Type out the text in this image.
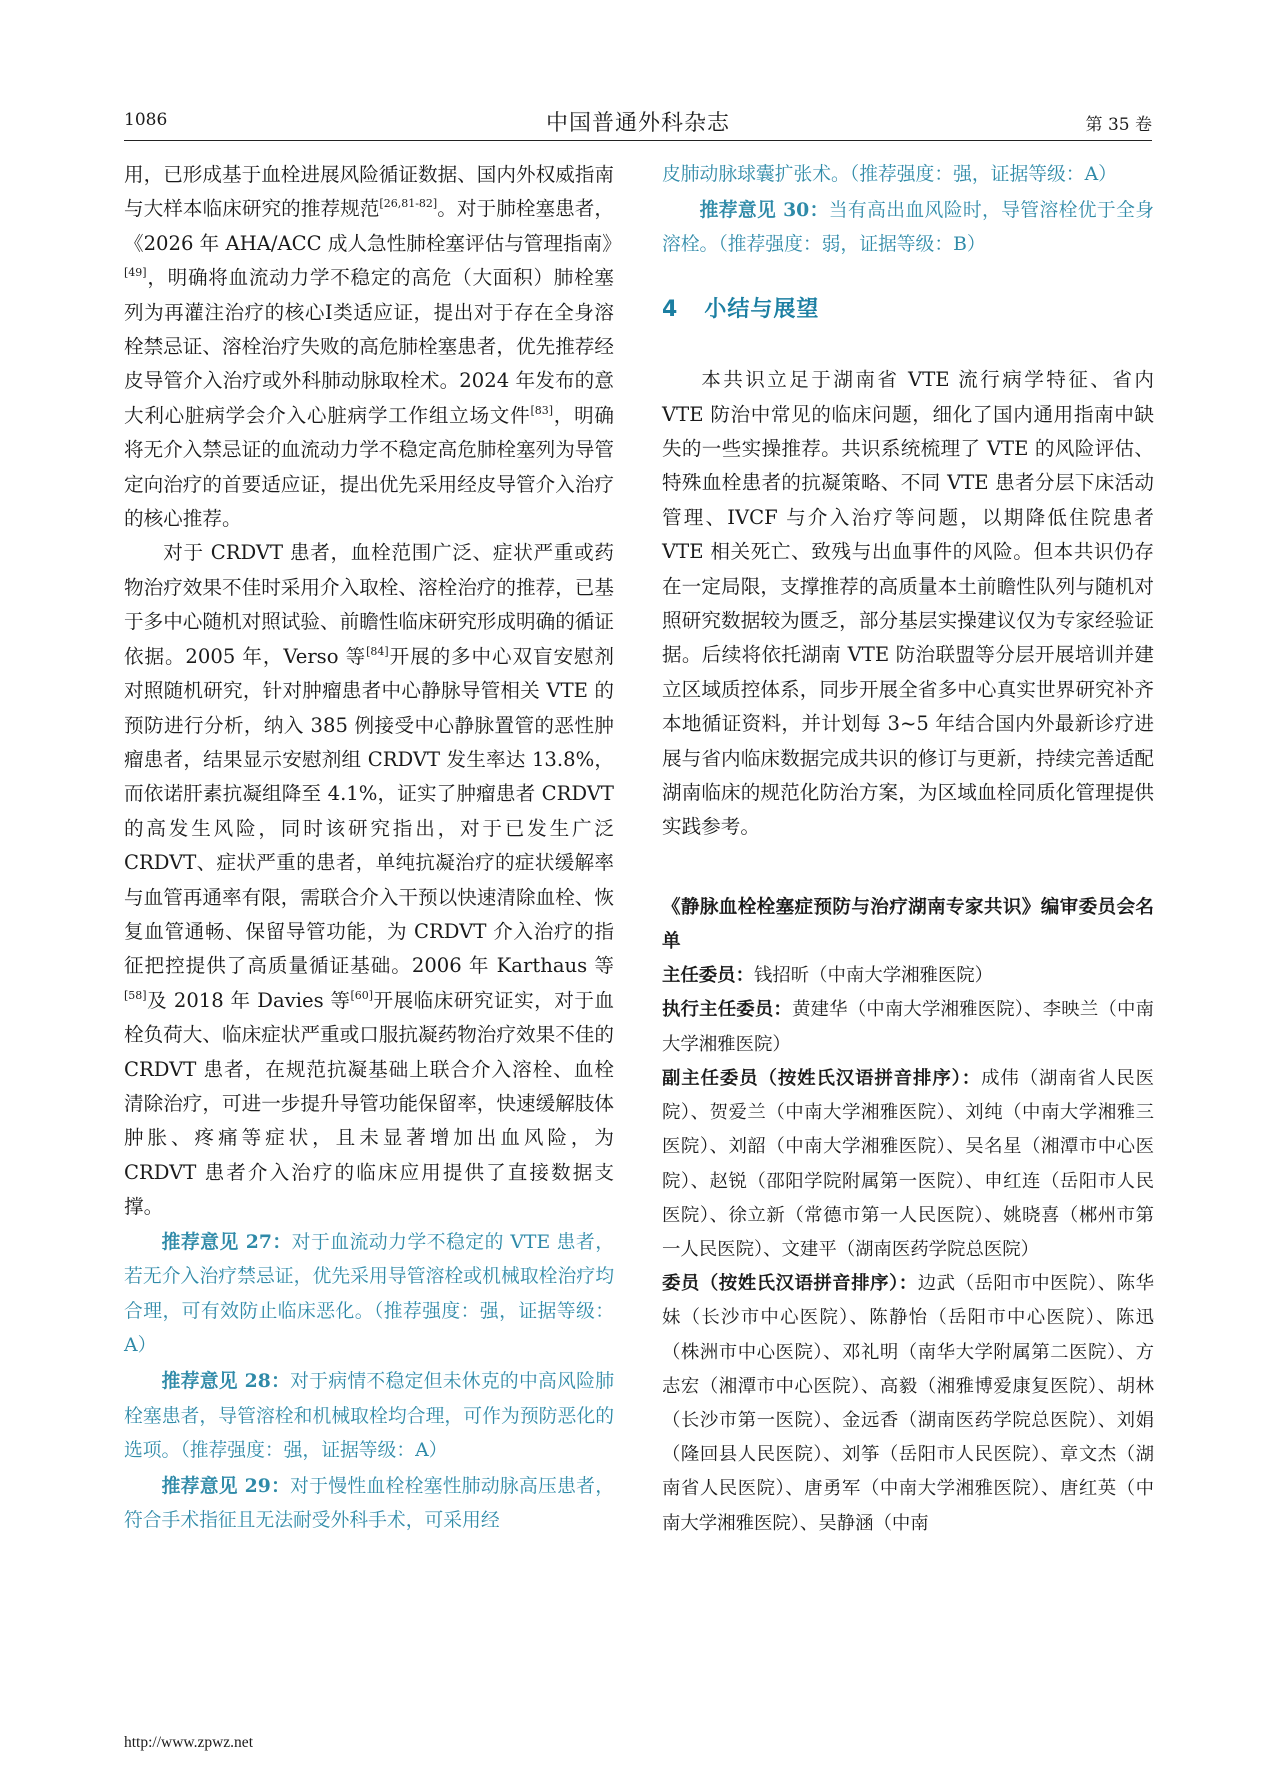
1086	中国普通外科杂志	第 35 卷

用，已形成基于血栓进展风险循证数据、国内外权威指南与大样本临床研究的推荐规范[26,81-82]。对于肺栓塞患者，《2026 年 AHA/ACC 成人急性肺栓塞评估与管理指南》[49]，明确将血流动力学不稳定的高危（大面积）肺栓塞列为再灌注治疗的核心Ⅰ类适应证，提出对于存在全身溶栓禁忌证、溶栓治疗失败的高危肺栓塞患者，优先推荐经皮导管介入治疗或外科肺动脉取栓术。2024 年发布的意大利心脏病学会介入心脏病学工作组立场文件[83]，明确将无介入禁忌证的血流动力学不稳定高危肺栓塞列为导管定向治疗的首要适应证，提出优先采用经皮导管介入治疗的核心推荐。

对于 CRDVT 患者，血栓范围广泛、症状严重或药物治疗效果不佳时采用介入取栓、溶栓治疗的推荐，已基于多中心随机对照试验、前瞻性临床研究形成明确的循证依据。2005 年，Verso 等[84]开展的多中心双盲安慰剂对照随机研究，针对肿瘤患者中心静脉导管相关 VTE 的预防进行分析，纳入 385 例接受中心静脉置管的恶性肿瘤患者，结果显示安慰剂组 CRDVT 发生率达 13.8%，而依诺肝素抗凝组降至 4.1%，证实了肿瘤患者 CRDVT 的高发生风险，同时该研究指出，对于已发生广泛 CRDVT、症状严重的患者，单纯抗凝治疗的症状缓解率与血管再通率有限，需联合介入干预以快速清除血栓、恢复血管通畅、保留导管功能，为 CRDVT 介入治疗的指征把控提供了高质量循证基础。2006 年 Karthaus 等[58]及 2018 年 Davies 等[60]开展临床研究证实，对于血栓负荷大、临床症状严重或口服抗凝药物治疗效果不佳的 CRDVT 患者，在规范抗凝基础上联合介入溶栓、血栓清除治疗，可进一步提升导管功能保留率，快速缓解肢体肿胀、疼痛等症状，且未显著增加出血风险，为 CRDVT 患者介入治疗的临床应用提供了直接数据支撑。

推荐意见 27：对于血流动力学不稳定的 VTE 患者，若无介入治疗禁忌证，优先采用导管溶栓或机械取栓治疗均合理，可有效防止临床恶化。（推荐强度：强，证据等级：A）

推荐意见 28：对于病情不稳定但未休克的中高风险肺栓塞患者，导管溶栓和机械取栓均合理，可作为预防恶化的选项。（推荐强度：强，证据等级：A）

推荐意见 29：对于慢性血栓栓塞性肺动脉高压患者，符合手术指征且无法耐受外科手术，可采用经

皮肺动脉球囊扩张术。（推荐强度：强，证据等级：A）

推荐意见 30：当有高出血风险时，导管溶栓优于全身溶栓。（推荐强度：弱，证据等级：B）

4 小结与展望

本共识立足于湖南省 VTE 流行病学特征、省内 VTE 防治中常见的临床问题，细化了国内通用指南中缺失的一些实操推荐。共识系统梳理了 VTE 的风险评估、特殊血栓患者的抗凝策略、不同 VTE 患者分层下床活动管理、IVCF 与介入治疗等问题，以期降低住院患者 VTE 相关死亡、致残与出血事件的风险。但本共识仍存在一定局限，支撑推荐的高质量本土前瞻性队列与随机对照研究数据较为匮乏，部分基层实操建议仅为专家经验证据。后续将依托湖南 VTE 防治联盟等分层开展培训并建立区域质控体系，同步开展全省多中心真实世界研究补齐本地循证资料，并计划每 3~5 年结合国内外最新诊疗进展与省内临床数据完成共识的修订与更新，持续完善适配湖南临床的规范化防治方案，为区域血栓同质化管理提供实践参考。

《静脉血栓栓塞症预防与治疗湖南专家共识》编审委员会名单

主任委员：钱招昕（中南大学湘雅医院）

执行主任委员：黄建华（中南大学湘雅医院）、李映兰（中南大学湘雅医院）

副主任委员（按姓氏汉语拼音排序）：成伟（湖南省人民医院）、贺爱兰（中南大学湘雅医院）、刘纯（中南大学湘雅三医院）、刘韶（中南大学湘雅医院）、吴名星（湘潭市中心医院）、赵锐（邵阳学院附属第一医院）、申红连（岳阳市人民医院）、徐立新（常德市第一人民医院）、姚晓喜（郴州市第一人民医院）、文建平（湖南医药学院总医院）

委员（按姓氏汉语拼音排序）：边武（岳阳市中医院）、陈华妹（长沙市中心医院）、陈静怡（岳阳市中心医院）、陈迅（株洲市中心医院）、邓礼明（南华大学附属第二医院）、方志宏（湘潭市中心医院）、高毅（湘雅博爱康复医院）、胡林（长沙市第一医院）、金远香（湖南医药学院总医院）、刘娟（隆回县人民医院）、刘筝（岳阳市人民医院）、章文杰（湖南省人民医院）、唐勇军（中南大学湘雅医院）、唐红英（中南大学湘雅医院）、吴静涵（中南

http://www.zpwz.net
